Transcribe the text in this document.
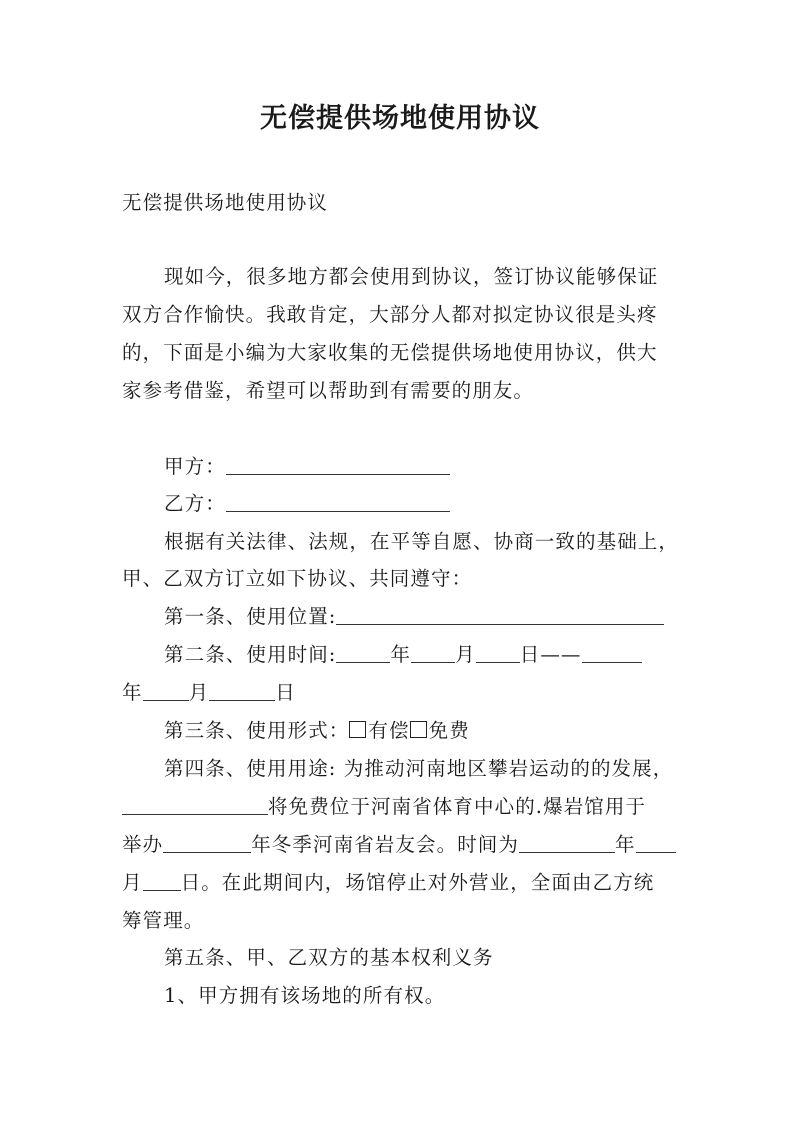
无偿提供场地使用协议
无偿提供场地使用协议
现如今，很多地方都会使用到协议，签订协议能够保证
双方合作愉快。我敢肯定，大部分人都对拟定协议很是头疼
的，下面是小编为大家收集的无偿提供场地使用协议，供大
家参考借鉴，希望可以帮助到有需要的朋友。
甲方：
乙方：
根据有关法律、法规，在平等自愿、协商一致的基础上，
甲、乙双方订立如下协议、共同遵守：
第一条、使用位置:
第二条、使用时间:	年 月 日——
年 月	日
第三条、使用形式： 有偿 免费
第四条、使用用途: 为推动河南地区攀岩运动的的发展，
将免费位于河南省体育中心的.爆岩馆用于
举办	年冬季河南省岩友会。时间为	年
月 日。在此期间内，场馆停止对外营业，全面由乙方统
筹管理。
第五条、甲、乙双方的基本权利义务
1、甲方拥有该场地的所有权。
